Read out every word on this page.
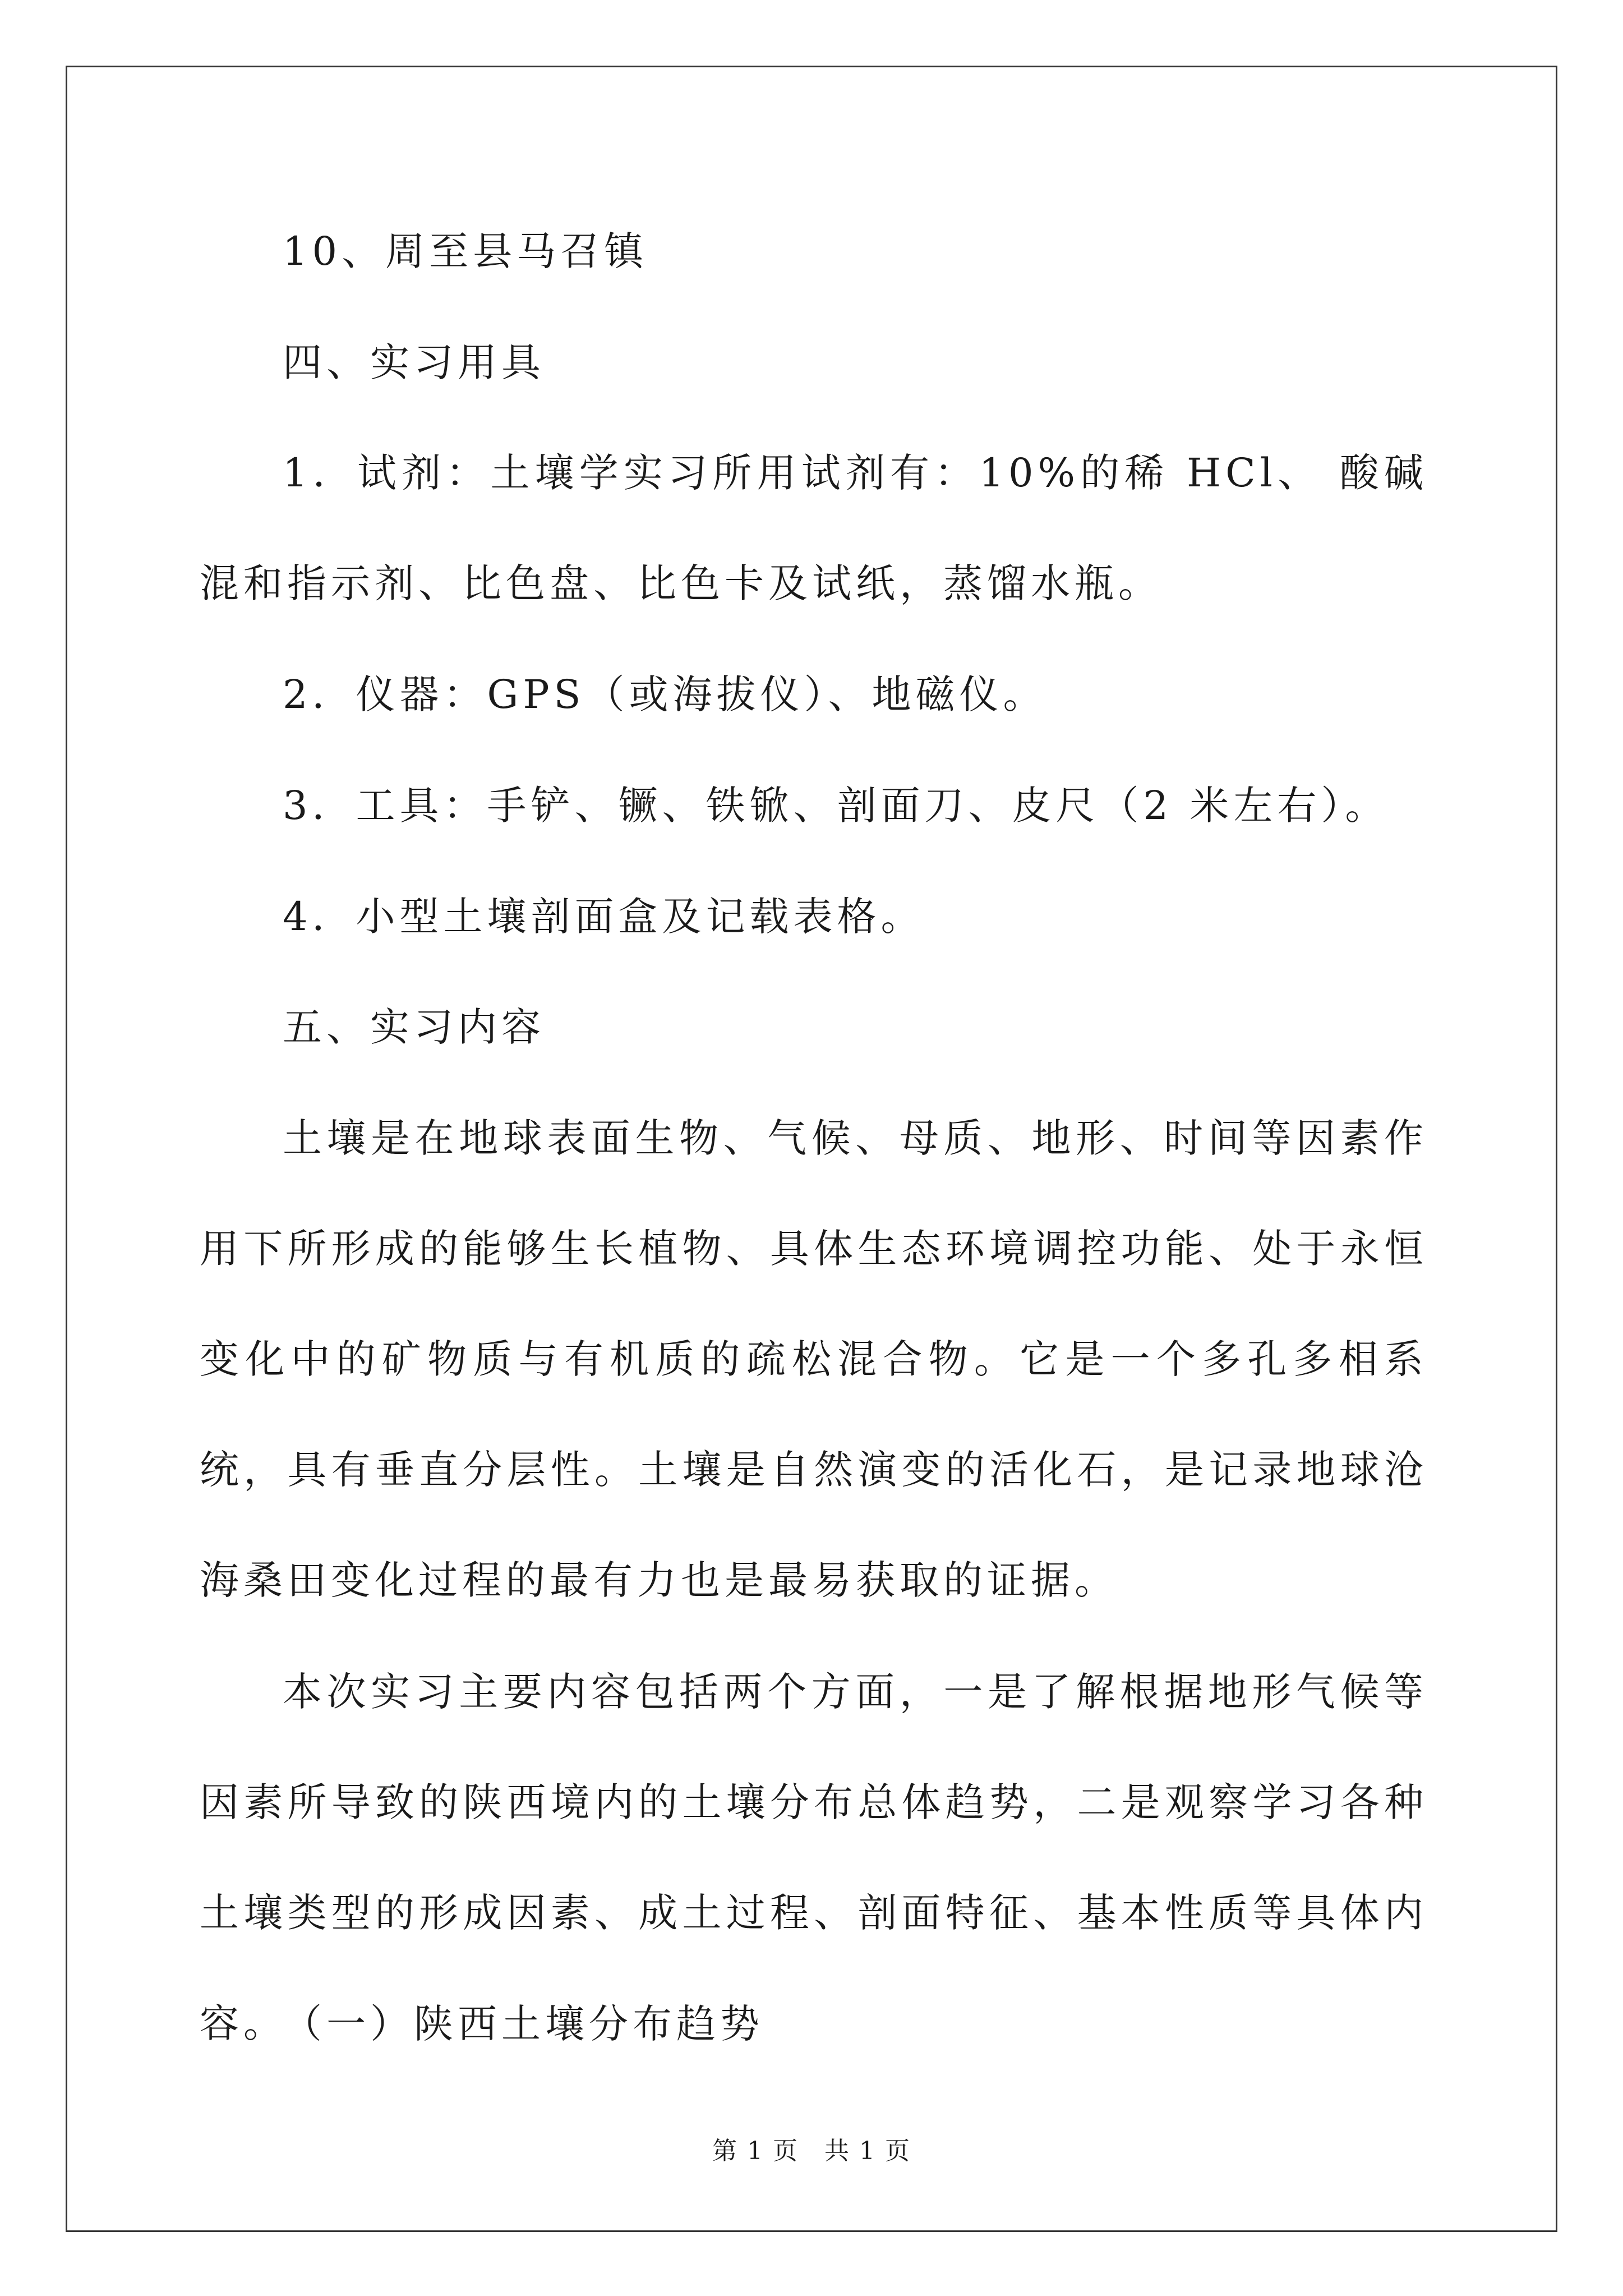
10、周至县马召镇

四、实习用具

1．试剂：土壤学实习所用试剂有：10%的稀 HCl、 酸碱混和指示剂、比色盘、比色卡及试纸，蒸馏水瓶。

2．仪器：GPS（或海拔仪）、地磁仪。

3．工具：手铲、镢、铁锨、剖面刀、皮尺（2 米左右）。

4．小型土壤剖面盒及记载表格。

五、实习内容

土壤是在地球表面生物、气候、母质、地形、时间等因素作用下所形成的能够生长植物、具体生态环境调控功能、处于永恒变化中的矿物质与有机质的疏松混合物。它是一个多孔多相系统，具有垂直分层性。土壤是自然演变的活化石，是记录地球沧海桑田变化过程的最有力也是最易获取的证据。

本次实习主要内容包括两个方面，一是了解根据地形气候等因素所导致的陕西境内的土壤分布总体趋势，二是观察学习各种土壤类型的形成因素、成土过程、剖面特征、基本性质等具体内容。

（一）陕西土壤分布趋势

第 1 页　共 1 页
